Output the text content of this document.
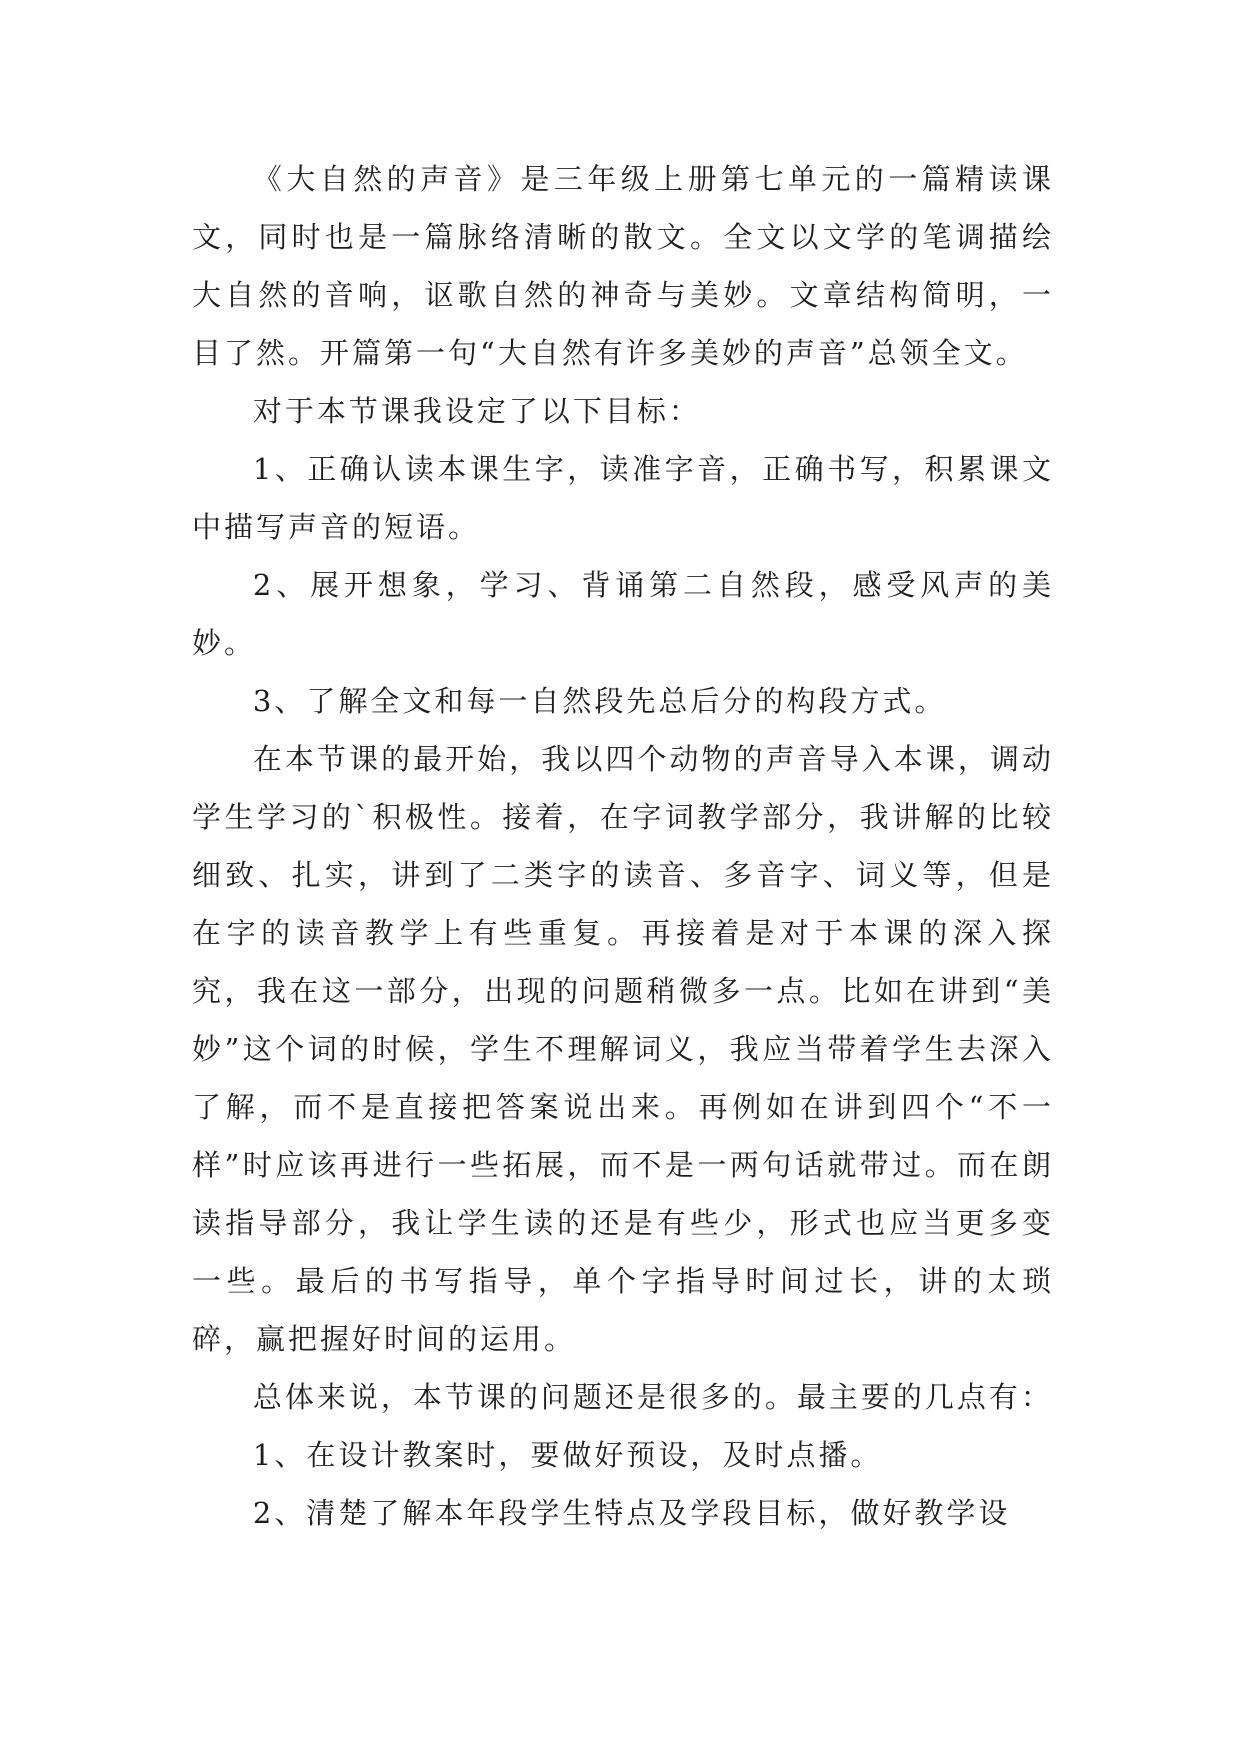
《大自然的声音》是三年级上册第七单元的一篇精读课文，同时也是一篇脉络清晰的散文。全文以文学的笔调描绘大自然的音响，讴歌自然的神奇与美妙。文章结构简明，一目了然。开篇第一句“大自然有许多美妙的声音”总领全文。

对于本节课我设定了以下目标：

1、正确认读本课生字，读准字音，正确书写，积累课文中描写声音的短语。

2、展开想象，学习、背诵第二自然段，感受风声的美妙。

3、了解全文和每一自然段先总后分的构段方式。

在本节课的最开始，我以四个动物的声音导入本课，调动学生学习的`积极性。接着，在字词教学部分，我讲解的比较细致、扎实，讲到了二类字的读音、多音字、词义等，但是在字的读音教学上有些重复。再接着是对于本课的深入探究，我在这一部分，出现的问题稍微多一点。比如在讲到“美妙”这个词的时候，学生不理解词义，我应当带着学生去深入了解，而不是直接把答案说出来。再例如在讲到四个“不一样”时应该再进行一些拓展，而不是一两句话就带过。而在朗读指导部分，我让学生读的还是有些少，形式也应当更多变一些。最后的书写指导，单个字指导时间过长，讲的太琐碎，赢把握好时间的运用。

总体来说，本节课的问题还是很多的。最主要的几点有：

1、在设计教案时，要做好预设，及时点播。

2、清楚了解本年段学生特点及学段目标，做好教学设
